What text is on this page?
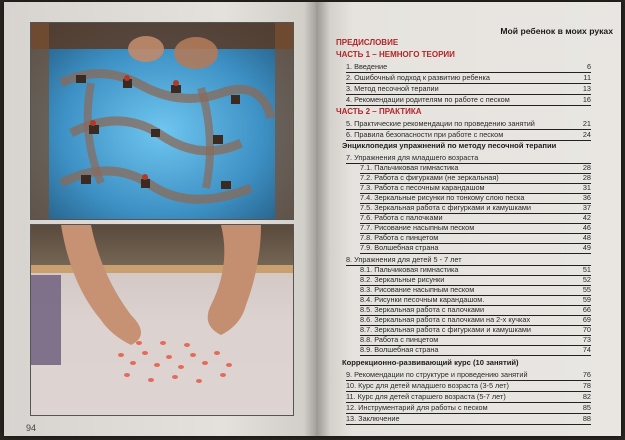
94
Мой ребенок в моих руках
ПРЕДИСЛОВИЕ
ЧАСТЬ 1 – НЕМНОГО ТЕОРИИ
1. Введение	6
2. Ошибочный подход к развитию ребенка	11
3. Метод песочной терапии	13
4. Рекомендации родителям по работе с песком	16
ЧАСТЬ 2 – ПРАКТИКА
5. Практические рекомендации по проведению занятий	21
6. Правила безопасности при работе с песком	24
Энциклопедия упражнений по методу песочной терапии
7. Упражнения для младшего возраста
7.1. Пальчиковая гимнастика	28
7.2. Работа с фигурками (не зеркальная)	28
7.3. Работа с песочным карандашом	31
7.4. Зеркальные рисунки по тонкому слою песка	36
7.5. Зеркальная работа с фигурками и камушками	37
7.6. Работа с палочками	42
7.7. Рисование насыпным песком	46
7.8. Работа с пинцетом	48
7.9. Волшебная страна	49
8. Упражнения для детей 5 - 7 лет
8.1. Пальчиковая гимнастика	51
8.2. Зеркальные рисунки	52
8.3. Рисование насыпным песком	55
8.4. Рисунки песочным карандашом.	59
8.5. Зеркальная работа с палочками	66
8.6. Зеркальная работа с палочками на 2-х кучках	69
8.7. Зеркальная работа с фигурками и камушками	70
8.8. Работа с пинцетом	73
8.9. Волшебная страна	74
Коррекционно-развивающий курс (10 занятий)
9. Рекомендации по структуре и проведению занятий	76
10. Курс для детей младшего возраста (3-5 лет)	78
11. Курс для детей старшего возраста (5-7 лет)	82
12. Инструментарий для работы с песком	85
13. Заключение	88
